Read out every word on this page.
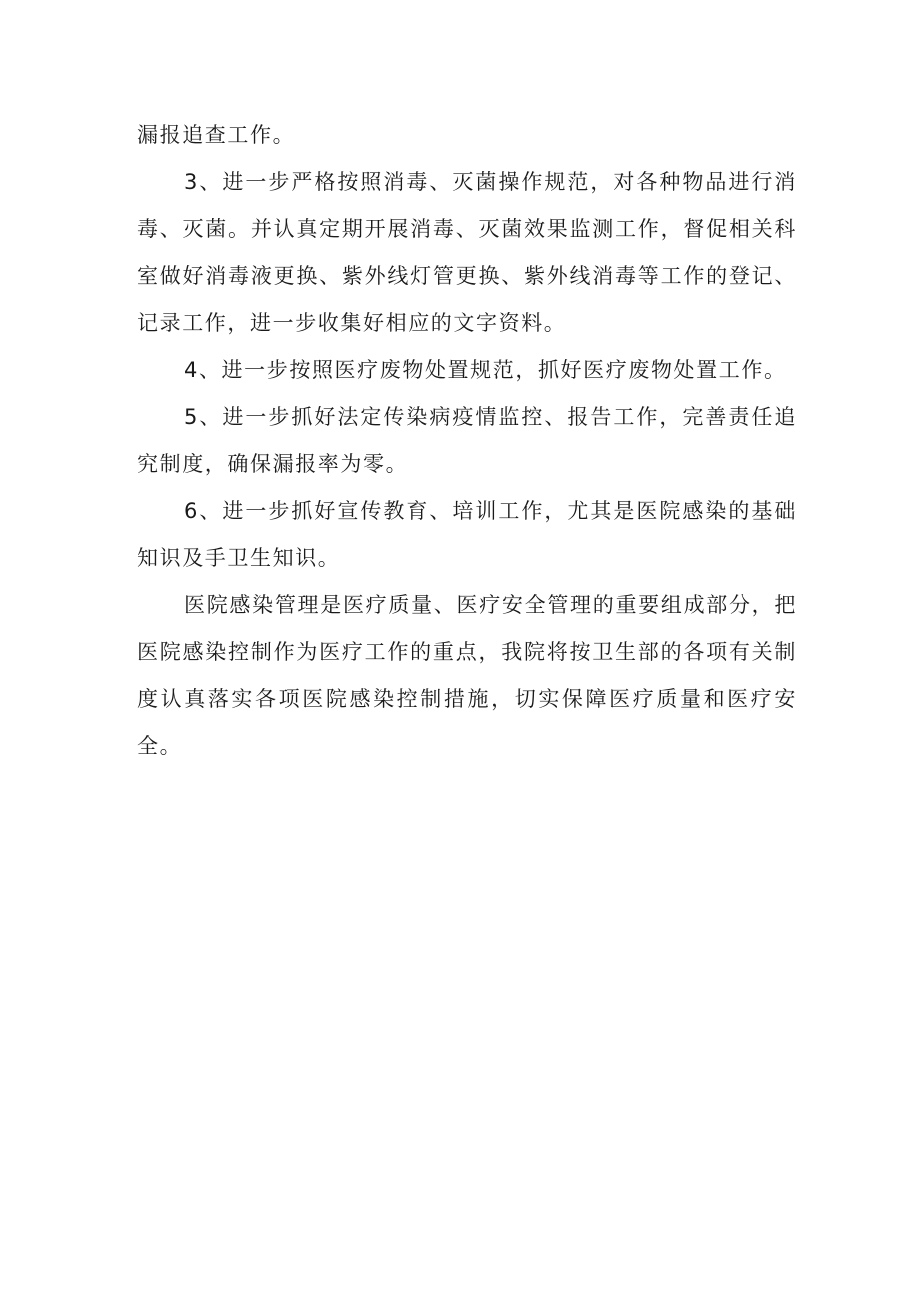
漏报追查工作。

3、进一步严格按照消毒、灭菌操作规范，对各种物品进行消毒、灭菌。并认真定期开展消毒、灭菌效果监测工作，督促相关科室做好消毒液更换、紫外线灯管更换、紫外线消毒等工作的登记、记录工作，进一步收集好相应的文字资料。

4、进一步按照医疗废物处置规范，抓好医疗废物处置工作。

5、进一步抓好法定传染病疫情监控、报告工作，完善责任追究制度，确保漏报率为零。

6、进一步抓好宣传教育、培训工作，尤其是医院感染的基础知识及手卫生知识。

医院感染管理是医疗质量、医疗安全管理的重要组成部分，把医院感染控制作为医疗工作的重点，我院将按卫生部的各项有关制度认真落实各项医院感染控制措施，切实保障医疗质量和医疗安全。
